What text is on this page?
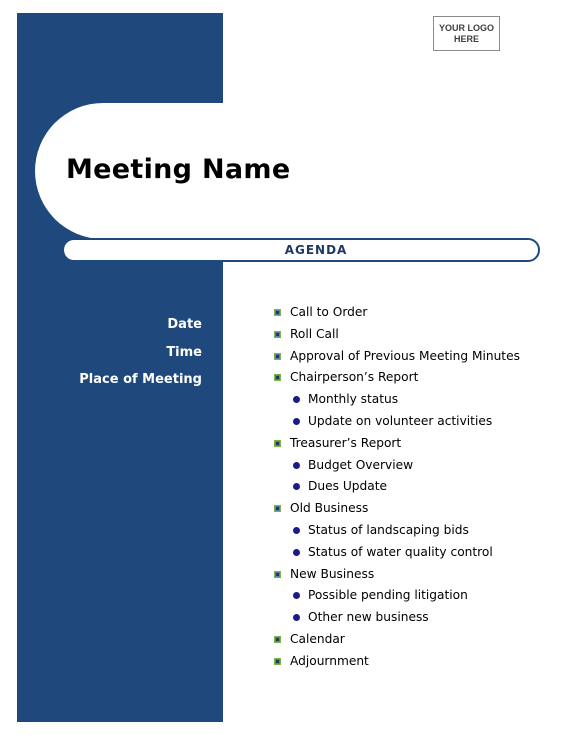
YOUR LOGO
HERE
Meeting Name
AGENDA
Date
Time
Place of Meeting
Call to Order
Roll Call
Approval of Previous Meeting Minutes
Chairperson’s Report
Monthly status
Update on volunteer activities
Treasurer’s Report
Budget Overview
Dues Update
Old Business
Status of landscaping bids
Status of water quality control
New Business
Possible pending litigation
Other new business
Calendar
Adjournment
